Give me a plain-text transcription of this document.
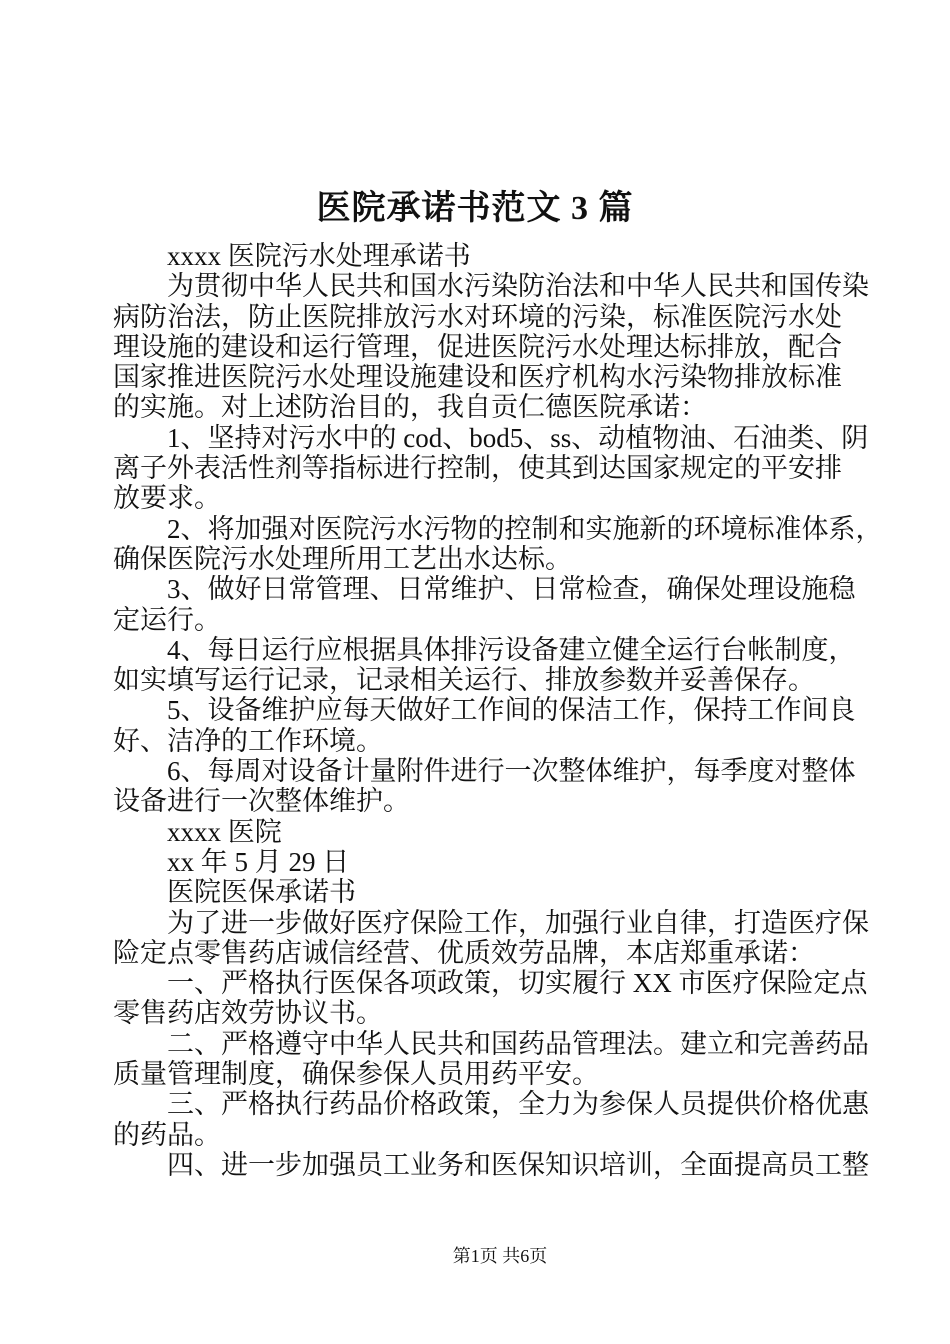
医院承诺书范文 3 篇

xxxx 医院污水处理承诺书

为贯彻中华人民共和国水污染防治法和中华人民共和国传染

病防治法，防止医院排放污水对环境的污染，标准医院污水处

理设施的建设和运行管理，促进医院污水处理达标排放，配合

国家推进医院污水处理设施建设和医疗机构水污染物排放标准

的实施。对上述防治目的，我自贡仁德医院承诺：

1、坚持对污水中的 cod、bod5、ss、动植物油、石油类、阴

离子外表活性剂等指标进行控制，使其到达国家规定的平安排

放要求。

2、将加强对医院污水污物的控制和实施新的环境标准体系，

确保医院污水处理所用工艺出水达标。

3、做好日常管理、日常维护、日常检查，确保处理设施稳

定运行。

4、每日运行应根据具体排污设备建立健全运行台帐制度，

如实填写运行记录，记录相关运行、排放参数并妥善保存。

5、设备维护应每天做好工作间的保洁工作，保持工作间良

好、洁净的工作环境。

6、每周对设备计量附件进行一次整体维护，每季度对整体

设备进行一次整体维护。

xxxx 医院

xx 年 5 月 29 日

医院医保承诺书

为了进一步做好医疗保险工作，加强行业自律，打造医疗保

险定点零售药店诚信经营、优质效劳品牌，本店郑重承诺：

一、严格执行医保各项政策，切实履行 XX 市医疗保险定点

零售药店效劳协议书。

二、严格遵守中华人民共和国药品管理法。建立和完善药品

质量管理制度，确保参保人员用药平安。

三、严格执行药品价格政策，全力为参保人员提供价格优惠

的药品。

四、进一步加强员工业务和医保知识培训，全面提高员工整

第1页 共6页
